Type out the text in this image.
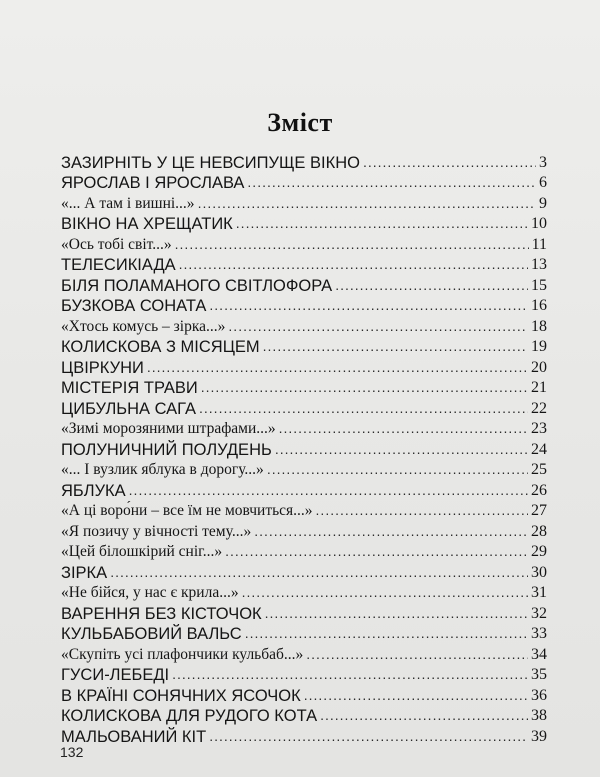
Зміст
ЗАЗИРНІТЬ У ЦЕ НЕВСИПУЩЕ ВІКНО .....	3
ЯРОСЛАВ І ЯРОСЛАВА .....	6
«... А там і вишні...» .....	9
ВІКНО НА ХРЕЩАТИК .....	10
«Ось тобі світ...» .....	11
ТЕЛЕСИКІАДА .....	13
БІЛЯ ПОЛАМАНОГО СВІТЛОФОРА .....	15
БУЗКОВА СОНАТА .....	16
«Хтось комусь – зірка...» .....	18
КОЛИСКОВА З МІСЯЦЕМ .....	19
ЦВІРКУНИ .....	20
МІСТЕРІЯ ТРАВИ .....	21
ЦИБУЛЬНА САГА .....	22
«Зимі морозяними штрафами...» .....	23
ПОЛУНИЧНИЙ ПОЛУДЕНЬ .....	24
«... І вузлик яблука в дорогу...» .....	25
ЯБЛУКА .....	26
«А ці воро́ни – все їм не мовчиться...» .....	27
«Я позичу у вічності тему...» .....	28
«Цей білошкірий сніг...» .....	29
ЗІРКА .....	30
«Не бійся, у нас є крила...» .....	31
ВАРЕННЯ БЕЗ КІСТОЧОК .....	32
КУЛЬБАБОВИЙ ВАЛЬС .....	33
«Скупіть усі плафончики кульбаб...» .....	34
ГУСИ-ЛЕБЕДІ .....	35
В КРАЇНІ СОНЯЧНИХ ЯСОЧОК .....	36
КОЛИСКОВА ДЛЯ РУДОГО КОТА .....	38
МАЛЬОВАНИЙ КІТ .....	39
132
